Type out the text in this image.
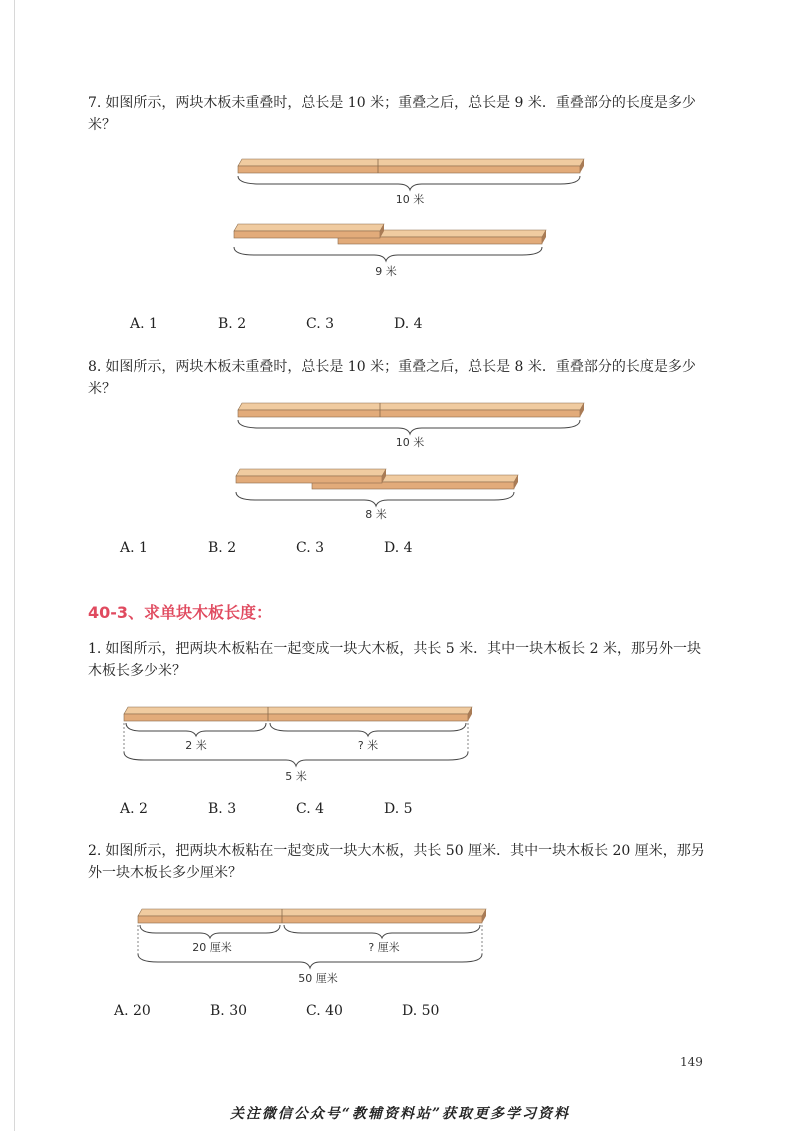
7. 如图所示，两块木板未重叠时，总长是 10 米；重叠之后，总长是 9 米．重叠部分的长度是多少米？
10 米
9 米
10 米
8 米
2 米	? 米
5 米
20 厘米	? 厘米
50 厘米
A. 1	B. 2	C. 3	D. 4
8. 如图所示，两块木板未重叠时，总长是 10 米；重叠之后，总长是 8 米．重叠部分的长度是多少米？
A. 1	B. 2	C. 3	D. 4
40-3、求单块木板长度：
1. 如图所示，把两块木板粘在一起变成一块大木板，共长 5 米．其中一块木板长 2 米，那另外一块木板长多少米？
A. 2	B. 3	C. 4	D. 5
2. 如图所示，把两块木板粘在一起变成一块大木板，共长 50 厘米．其中一块木板长 20 厘米，那另外一块木板长多少厘米？
A. 20	B. 30	C. 40	D. 50
149
关注微信公众号“教辅资料站”获取更多学习资料
